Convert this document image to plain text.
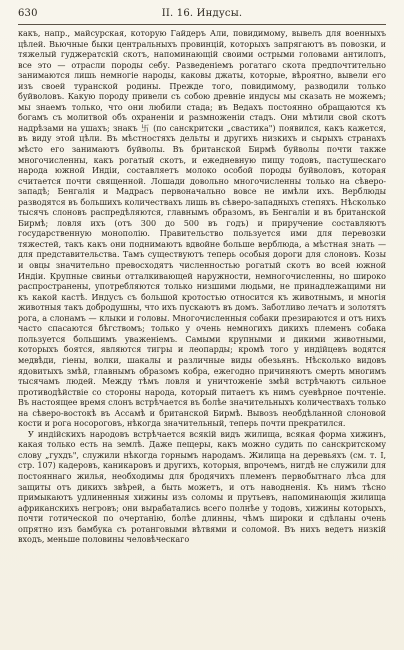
630	II. 16. Индусы.

какъ, напр., майсурская, которую Гайдеръ Али, повидимому, вывелъ для военныхъ цѣлей. Вьючные быки центральныхъ провинцій, которыхъ запрягаютъ въ повозки, и тяжелый гуджератскій скотъ, напоминающій своими острыми головами антилопъ, все это — отрасли породы себу. Разведеніемъ рогатаго скота предпочтительно занимаются лишь немногіе народы, каковы джаты, которые, вѣроятно, вывели его изъ своей туранской родины. Прежде того, повидимому, разводили только буйволовъ. Какую породу привели съ собою древніе индусы мы сказать не можемъ; мы знаемъ только, что они любили стада; въ Ведахъ постоянно обращаются къ богамъ съ молитвой объ охраненіи и размноженіи стадъ. Они мѣтили свой скотъ надрѣзами на ушахъ; знакъ 卐 (по санскритски „свастика") появился, какъ кажется, въ виду этой цѣли. Въ мѣстностяхъ дельты и другихъ низкихъ и сырыхъ странахъ мѣсто его занимаютъ буйволы. Въ британской Бирмѣ буйволы почти также многочисленны, какъ рогатый скотъ, и ежедневную пищу тодовъ, пастушескаго народа южной Индіи, составляетъ молоко особой породы буйволовъ, которая считается почти священной. Лошади довольно многочисленны только на сѣверо-западѣ; Бенгалія и Мадрасъ первоначально вовсе не имѣли ихъ. Верблюды разводятся въ большихъ количествахъ лишь въ сѣверо-западныхъ степяхъ. Нѣсколько тысячъ слоновъ распредѣляются, главнымъ образомъ, въ Бенгаліи и въ британской Бирмѣ; ловля ихъ (отъ 300 до 500 въ годъ) и приручение составляютъ государственную монополію. Правительство пользуется ими для перевозки тяжестей, такъ какъ они поднимаютъ вдвойне больше верблюда, а мѣстная знать — для представительства. Тамъ существуютъ теперь особыя дороги для слоновъ. Козы и овцы значительно превосходятъ численностью рогатый скотъ во всей южной Индіи. Крупные свиньи отталкивающей наружности, немногочисленны, но широко распространены, употребляются только низшими людьми, не принадлежащими ни къ какой кастѣ. Индусъ съ большой кротостью относится къ животнымъ, и многія животныя такъ добродушны, что ихъ пускаютъ въ домъ. Заботливо лечатъ и золотятъ рога, а слонамъ — клыки и головы. Многочисленныя собаки презираются и отъ нихъ часто спасаются бѣгствомъ; только у очень немногихъ дикихъ племенъ собака пользуется большимъ уваженіемъ. Самыми крупными и дикими животными, которыхъ боятся, являются тигры и леопарды; кромѣ того у индійцевъ водятся медвѣди, гіены, волки, шакалы и различные виды обезьянъ. Нѣсколько видовъ ядовитыхъ змѣй, главнымъ образомъ кобра, ежегодно причиняютъ смерть многимъ тысячамъ людей. Между тѣмъ ловля и уничтоженіе змѣй встрѣчаютъ сильное противодѣйствіе со стороны народа, который питаетъ къ нимъ суевѣрное почтеніе. Въ настоящее время слонъ встрѣчается въ болѣе значительныхъ количествахъ только на сѣверо-востокѣ въ Ассамѣ и британской Бирмѣ. Вывозъ необдѣланной слоновой кости и рога носороговъ, нѣкогда значительный, теперь почти прекратился.

У индійскихъ народовъ встрѣчается всякій видъ жилища, всякая форма хижинъ, какая только есть на землѣ. Даже пещеры, какъ можно судить по санскритскому слову „гухдъ", служили нѣкогда горнымъ народамъ. Жилища на деревьяхъ (см. т. I, стр. 107) кадеровъ, каникаровъ и другихъ, которыя, впрочемъ, нигдѣ не служили для постояннаго жилья, необходимы для бродячихъ племенъ первобытнаго лѣса для защиты отъ дикихъ звѣрей, а быть можетъ, и отъ наводненія. Къ нимъ тѣсно примыкаютъ удлиненныя хижины изъ соломы и прутьевъ, напоминающія жилища африканскихъ негровъ; они вырабатались всего полнѣе у тодовъ, хижины которыхъ, почти готической по очертанію, болѣе длинны, чѣмъ широки и сдѣланы очень опрятно изъ бамбука съ ротанговыми вѣтвями и соломой. Въ нихъ ведетъ низкій входъ, меньше половины человѣческаго
